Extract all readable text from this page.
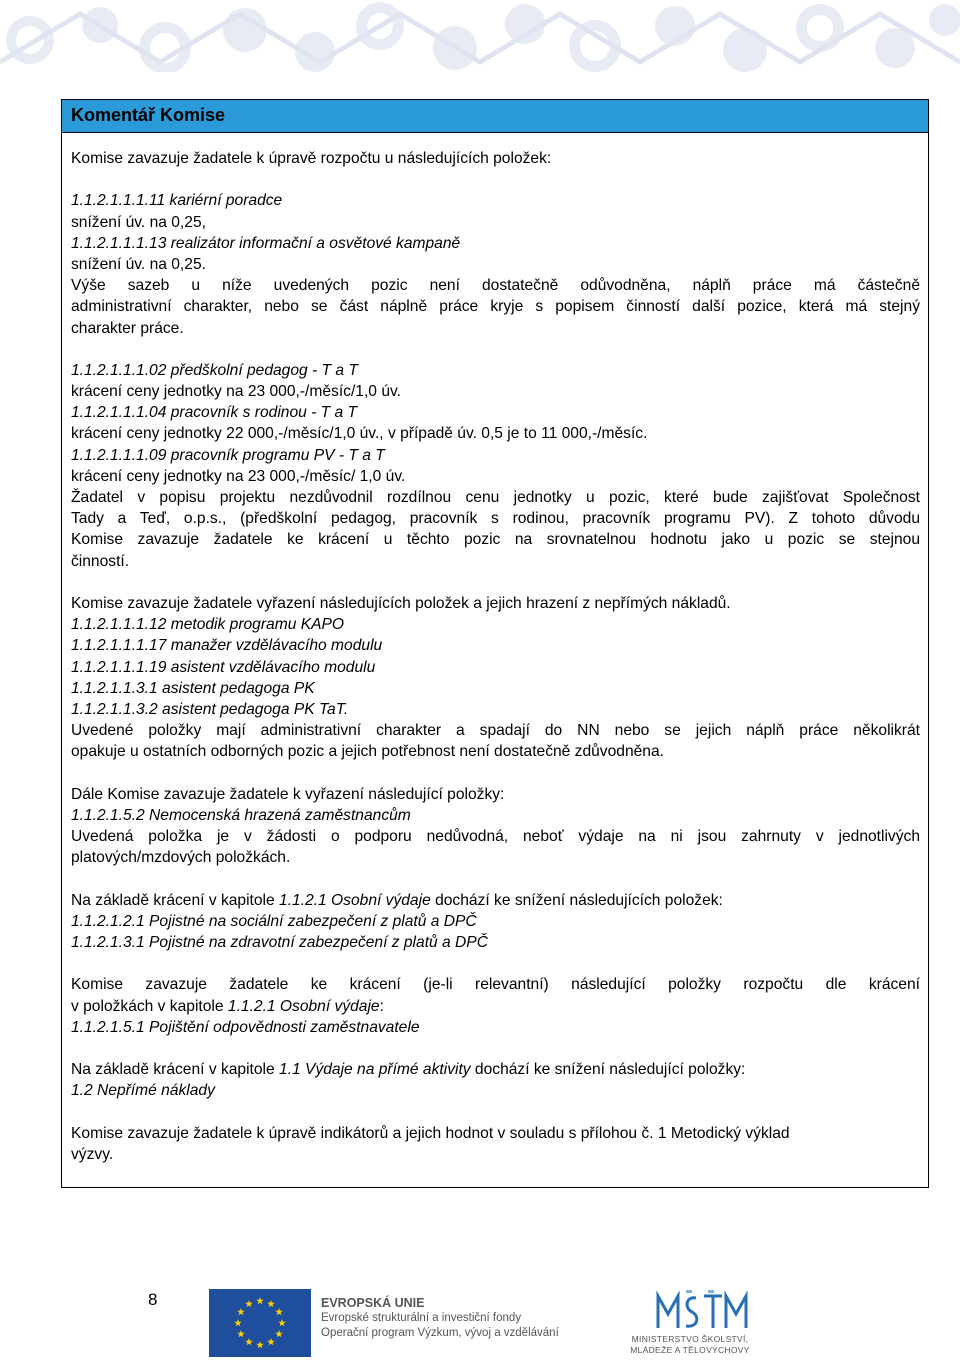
Komentář Komise
Komise zavazuje žadatele k úpravě rozpočtu u následujících položek:
1.1.2.1.1.1.11 kariérní poradce
snížení úv. na 0,25,
1.1.2.1.1.1.13 realizátor informační a osvětové kampaně
snížení úv. na 0,25.
Výše sazeb u níže uvedených pozic není dostatečně odůvodněna, náplň práce má částečně
administrativní charakter, nebo se část náplně práce kryje s popisem činností další pozice, která má stejný
charakter práce.
1.1.2.1.1.1.02 předškolní pedagog - T a T
krácení ceny jednotky na 23 000,-/měsíc/1,0 úv.
1.1.2.1.1.1.04 pracovník s rodinou - T a T
krácení ceny jednotky 22 000,-/měsíc/1,0 úv., v případě úv. 0,5 je to 11 000,-/měsíc.
1.1.2.1.1.1.09 pracovník programu PV - T a T
krácení ceny jednotky na 23 000,-/měsíc/ 1,0 úv.
Žadatel v popisu projektu nezdůvodnil rozdílnou cenu jednotky u pozic, které bude zajišťovat Společnost
Tady a Teď, o.p.s., (předškolní pedagog, pracovník s rodinou, pracovník programu PV). Z tohoto důvodu
Komise zavazuje žadatele ke krácení u těchto pozic na srovnatelnou hodnotu jako u pozic se stejnou
činností.
Komise zavazuje žadatele vyřazení následujících položek a jejich hrazení z nepřímých nákladů.
1.1.2.1.1.1.12 metodik programu KAPO
1.1.2.1.1.1.17 manažer vzdělávacího modulu
1.1.2.1.1.1.19 asistent vzdělávacího modulu
1.1.2.1.1.3.1 asistent pedagoga PK
1.1.2.1.1.3.2 asistent pedagoga PK TaT.
Uvedené položky mají administrativní charakter a spadají do NN nebo se jejich náplň práce několikrát
opakuje u ostatních odborných pozic a jejich potřebnost není dostatečně zdůvodněna.
Dále Komise zavazuje žadatele k vyřazení následující položky:
1.1.2.1.5.2 Nemocenská hrazená zaměstnancům
Uvedená položka je v žádosti o podporu nedůvodná, neboť výdaje na ni jsou zahrnuty v jednotlivých
platových/mzdových položkách.
Na základě krácení v kapitole 1.1.2.1 Osobní výdaje dochází ke snížení následujících položek:
1.1.2.1.2.1 Pojistné na sociální zabezpečení z platů a DPČ
1.1.2.1.3.1 Pojistné na zdravotní zabezpečení z platů a DPČ
Komise zavazuje žadatele ke krácení (je-li relevantní) následující položky rozpočtu dle krácení
v položkách v kapitole 1.1.2.1 Osobní výdaje:
1.1.2.1.5.1 Pojištění odpovědnosti zaměstnavatele
Na základě krácení v kapitole 1.1 Výdaje na přímé aktivity dochází ke snížení následující položky:
1.2 Nepřímé náklady
Komise zavazuje žadatele k úpravě indikátorů a jejich hodnot v souladu s přílohou č. 1 Metodický výklad
výzvy.
8	EVROPSKÁ UNIE
Evropské strukturální a investiční fondy
Operační program Výzkum, vývoj a vzdělávání	MINISTERSTVO ŠKOLSTVÍ,
MLÁDEŽE A TĚLOVÝCHOVY
